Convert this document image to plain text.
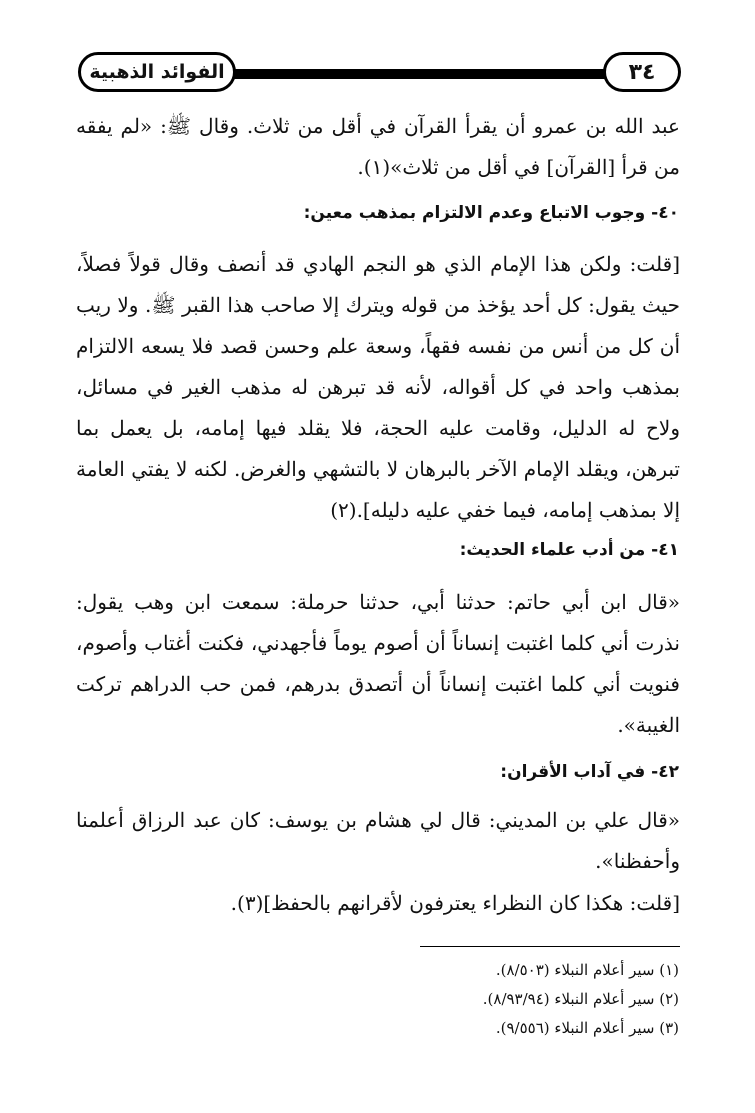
الفوائد الذهبية	٣٤
عبد الله بن عمرو أن يقرأ القرآن في أقل من ثلاث. وقال ﷺ: «لم يفقه من قرأ [القرآن] في أقل من ثلاث»(١).
٤٠- وجوب الاتباع وعدم الالتزام بمذهب معين:
[قلت: ولكن هذا الإمام الذي هو النجم الهادي قد أنصف وقال قولاً فصلاً، حيث يقول: كل أحد يؤخذ من قوله ويترك إلا صاحب هذا القبر ﷺ. ولا ريب أن كل من أنس من نفسه فقهاً، وسعة علم وحسن قصد فلا يسعه الالتزام بمذهب واحد في كل أقواله، لأنه قد تبرهن له مذهب الغير في مسائل، ولاح له الدليل، وقامت عليه الحجة، فلا يقلد فيها إمامه، بل يعمل بما تبرهن، ويقلد الإمام الآخر بالبرهان لا بالتشهي والغرض. لكنه لا يفتي العامة إلا بمذهب إمامه، فيما خفي عليه دليله].(٢)
٤١- من أدب علماء الحديث:
«قال ابن أبي حاتم: حدثنا أبي، حدثنا حرملة: سمعت ابن وهب يقول: نذرت أني كلما اغتبت إنساناً أن أصوم يوماً فأجهدني، فكنت أغتاب وأصوم، فنويت أني كلما اغتبت إنساناً أن أتصدق بدرهم، فمن حب الدراهم تركت الغيبة».
٤٢- في آداب الأقران:
«قال علي بن المديني: قال لي هشام بن يوسف: كان عبد الرزاق أعلمنا وأحفظنا».
[قلت: هكذا كان النظراء يعترفون لأقرانهم بالحفظ](٣).
(١) سير أعلام النبلاء (٨/٥٠٣).
(٢) سير أعلام النبلاء (٨/٩٣/٩٤).
(٣) سير أعلام النبلاء (٩/٥٥٦).
